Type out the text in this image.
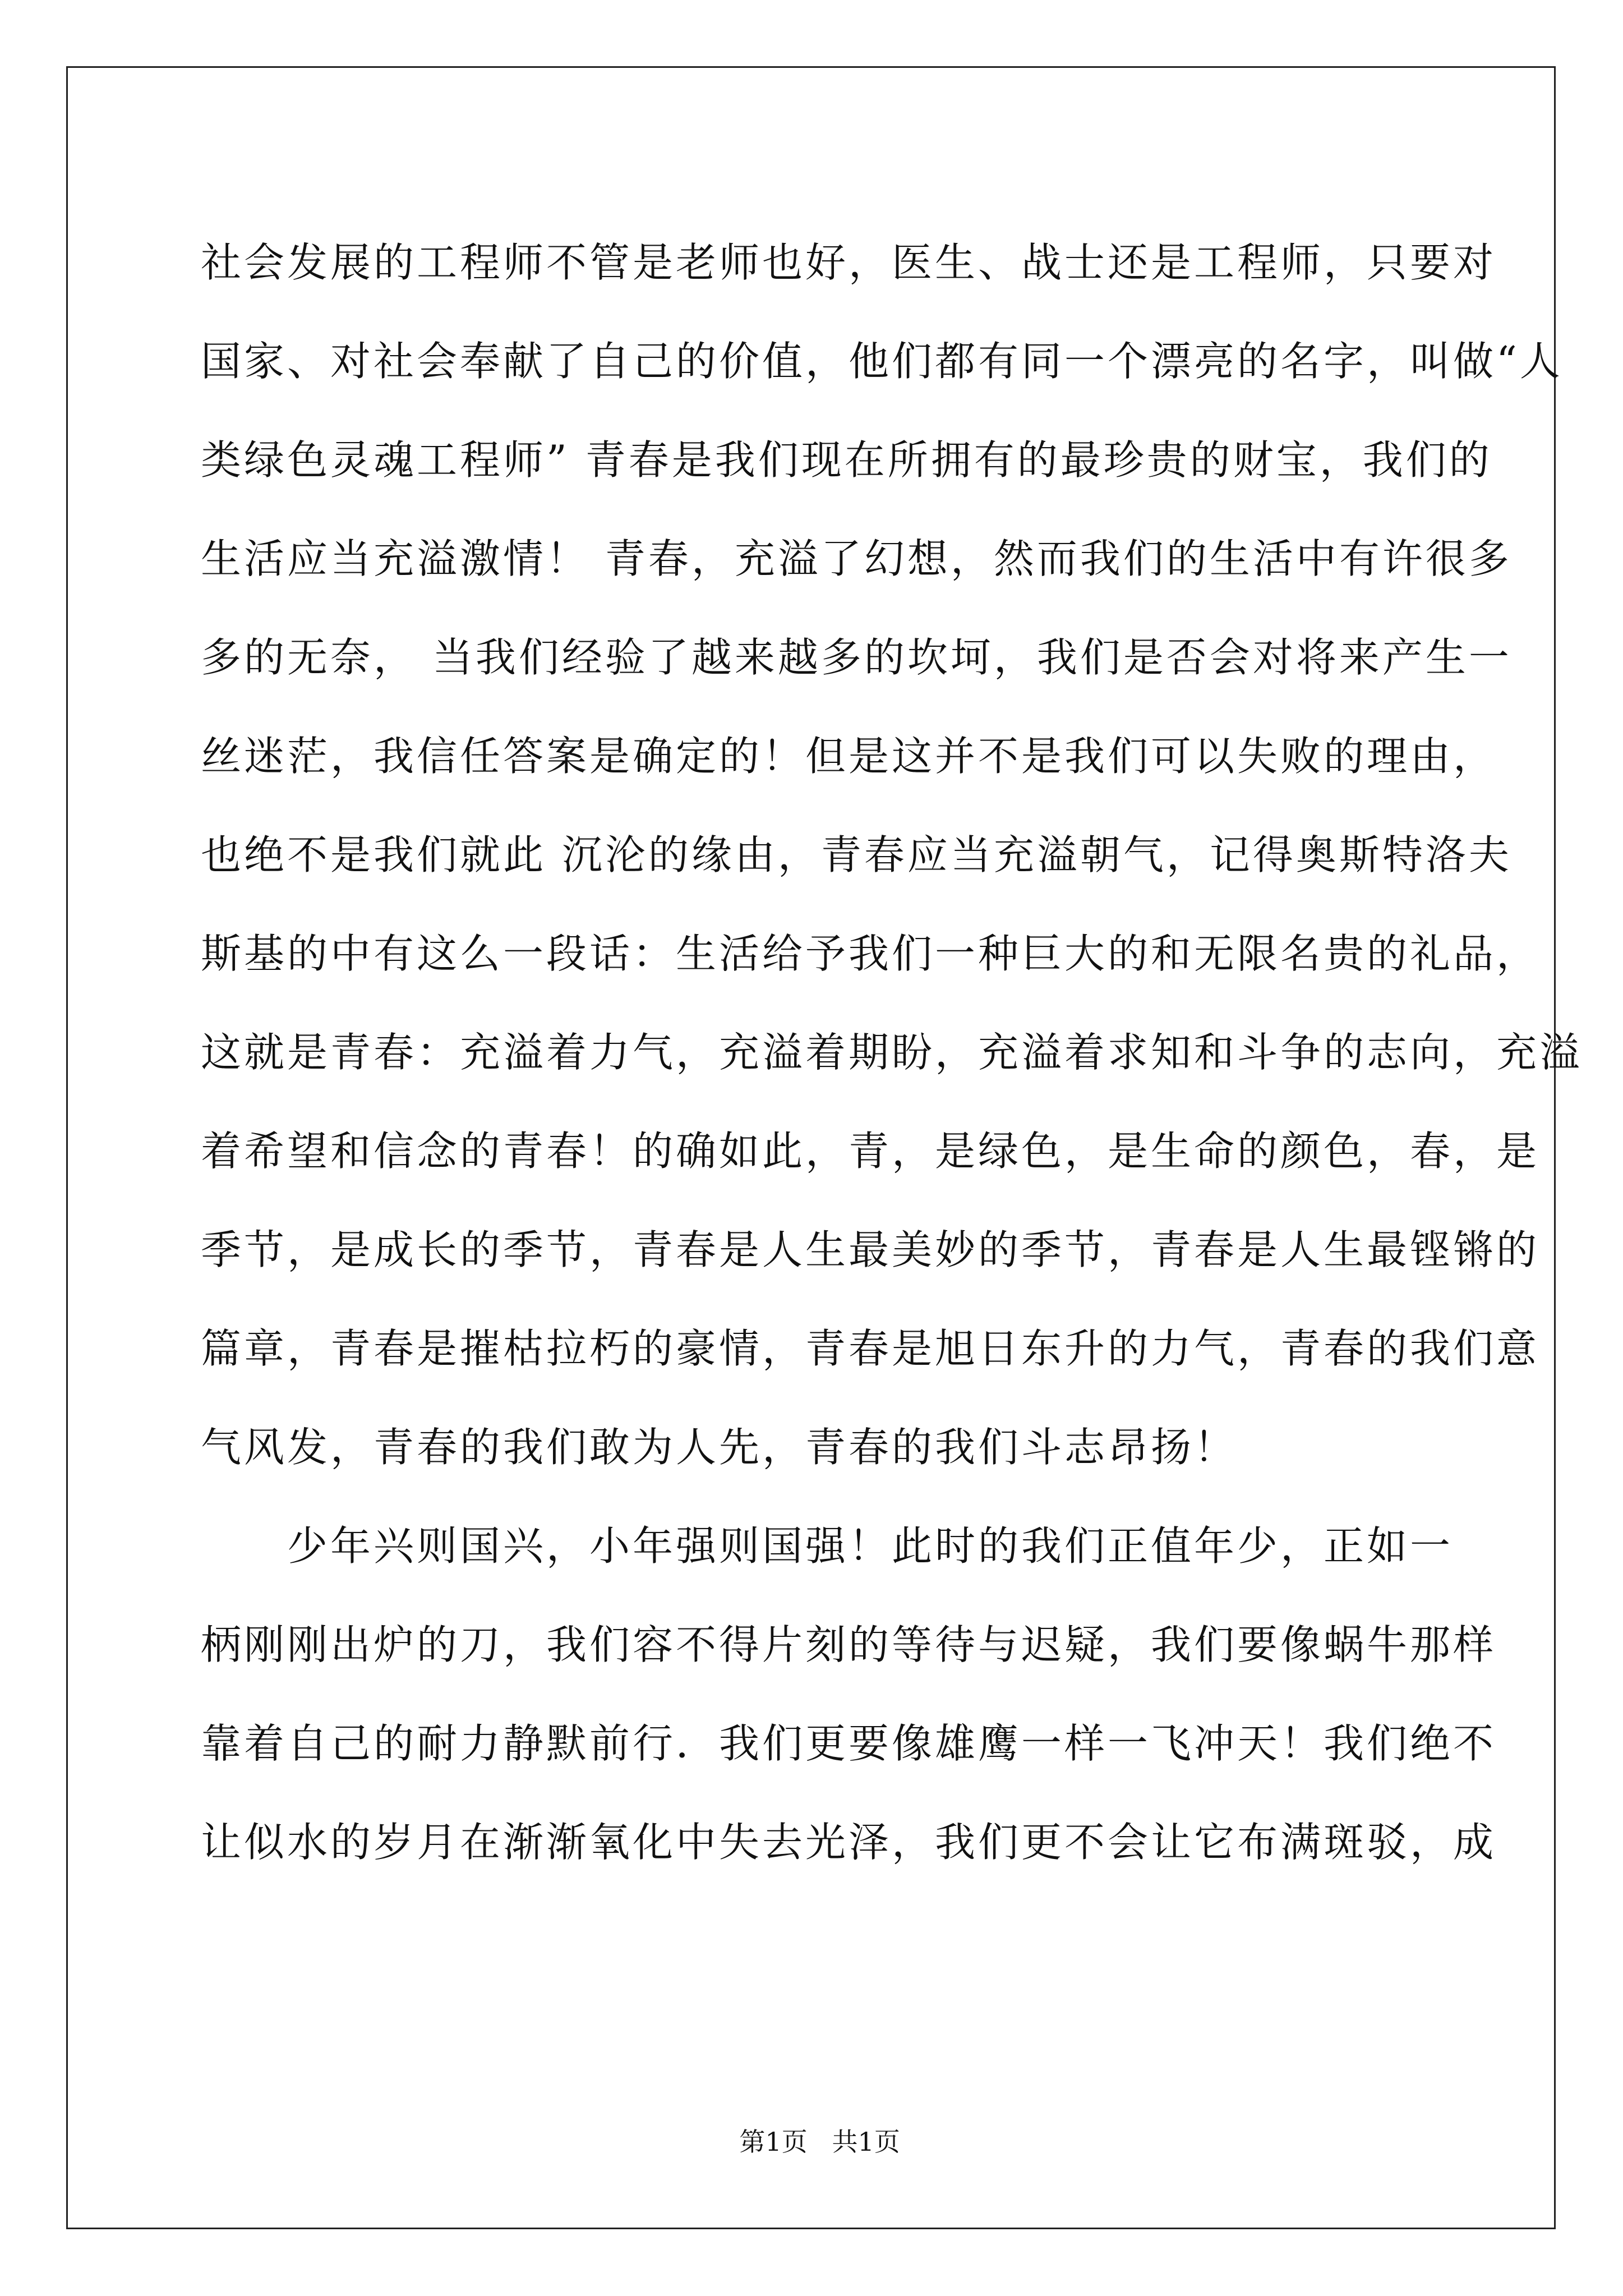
社会发展的工程师不管是老师也好，医生、战士还是工程师，只要对
国家、对社会奉献了自己的价值，他们都有同一个漂亮的名字，叫做“人
类绿色灵魂工程师” 青春是我们现在所拥有的最珍贵的财宝，我们的
生活应当充溢激情！ 青春，充溢了幻想，然而我们的生活中有许很多
多的无奈， 当我们经验了越来越多的坎坷，我们是否会对将来产生一
丝迷茫，我信任答案是确定的！但是这并不是我们可以失败的理由，
也绝不是我们就此 沉沦的缘由，青春应当充溢朝气，记得奥斯特洛夫
斯基的中有这么一段话：生活给予我们一种巨大的和无限名贵的礼品，
这就是青春：充溢着力气，充溢着期盼，充溢着求知和斗争的志向，充溢
着希望和信念的青春！的确如此，青，是绿色，是生命的颜色，春，是
季节，是成长的季节，青春是人生最美妙的季节，青春是人生最铿锵的
篇章，青春是摧枯拉朽的豪情，青春是旭日东升的力气，青春的我们意
气风发，青春的我们敢为人先，青春的我们斗志昂扬！
　　少年兴则国兴，小年强则国强！此时的我们正值年少，正如一
柄刚刚出炉的刀，我们容不得片刻的等待与迟疑，我们要像蜗牛那样
靠着自己的耐力静默前行．我们更要像雄鹰一样一飞冲天！我们绝不
让似水的岁月在渐渐氧化中失去光泽，我们更不会让它布满斑驳，成

第1页   共1页
